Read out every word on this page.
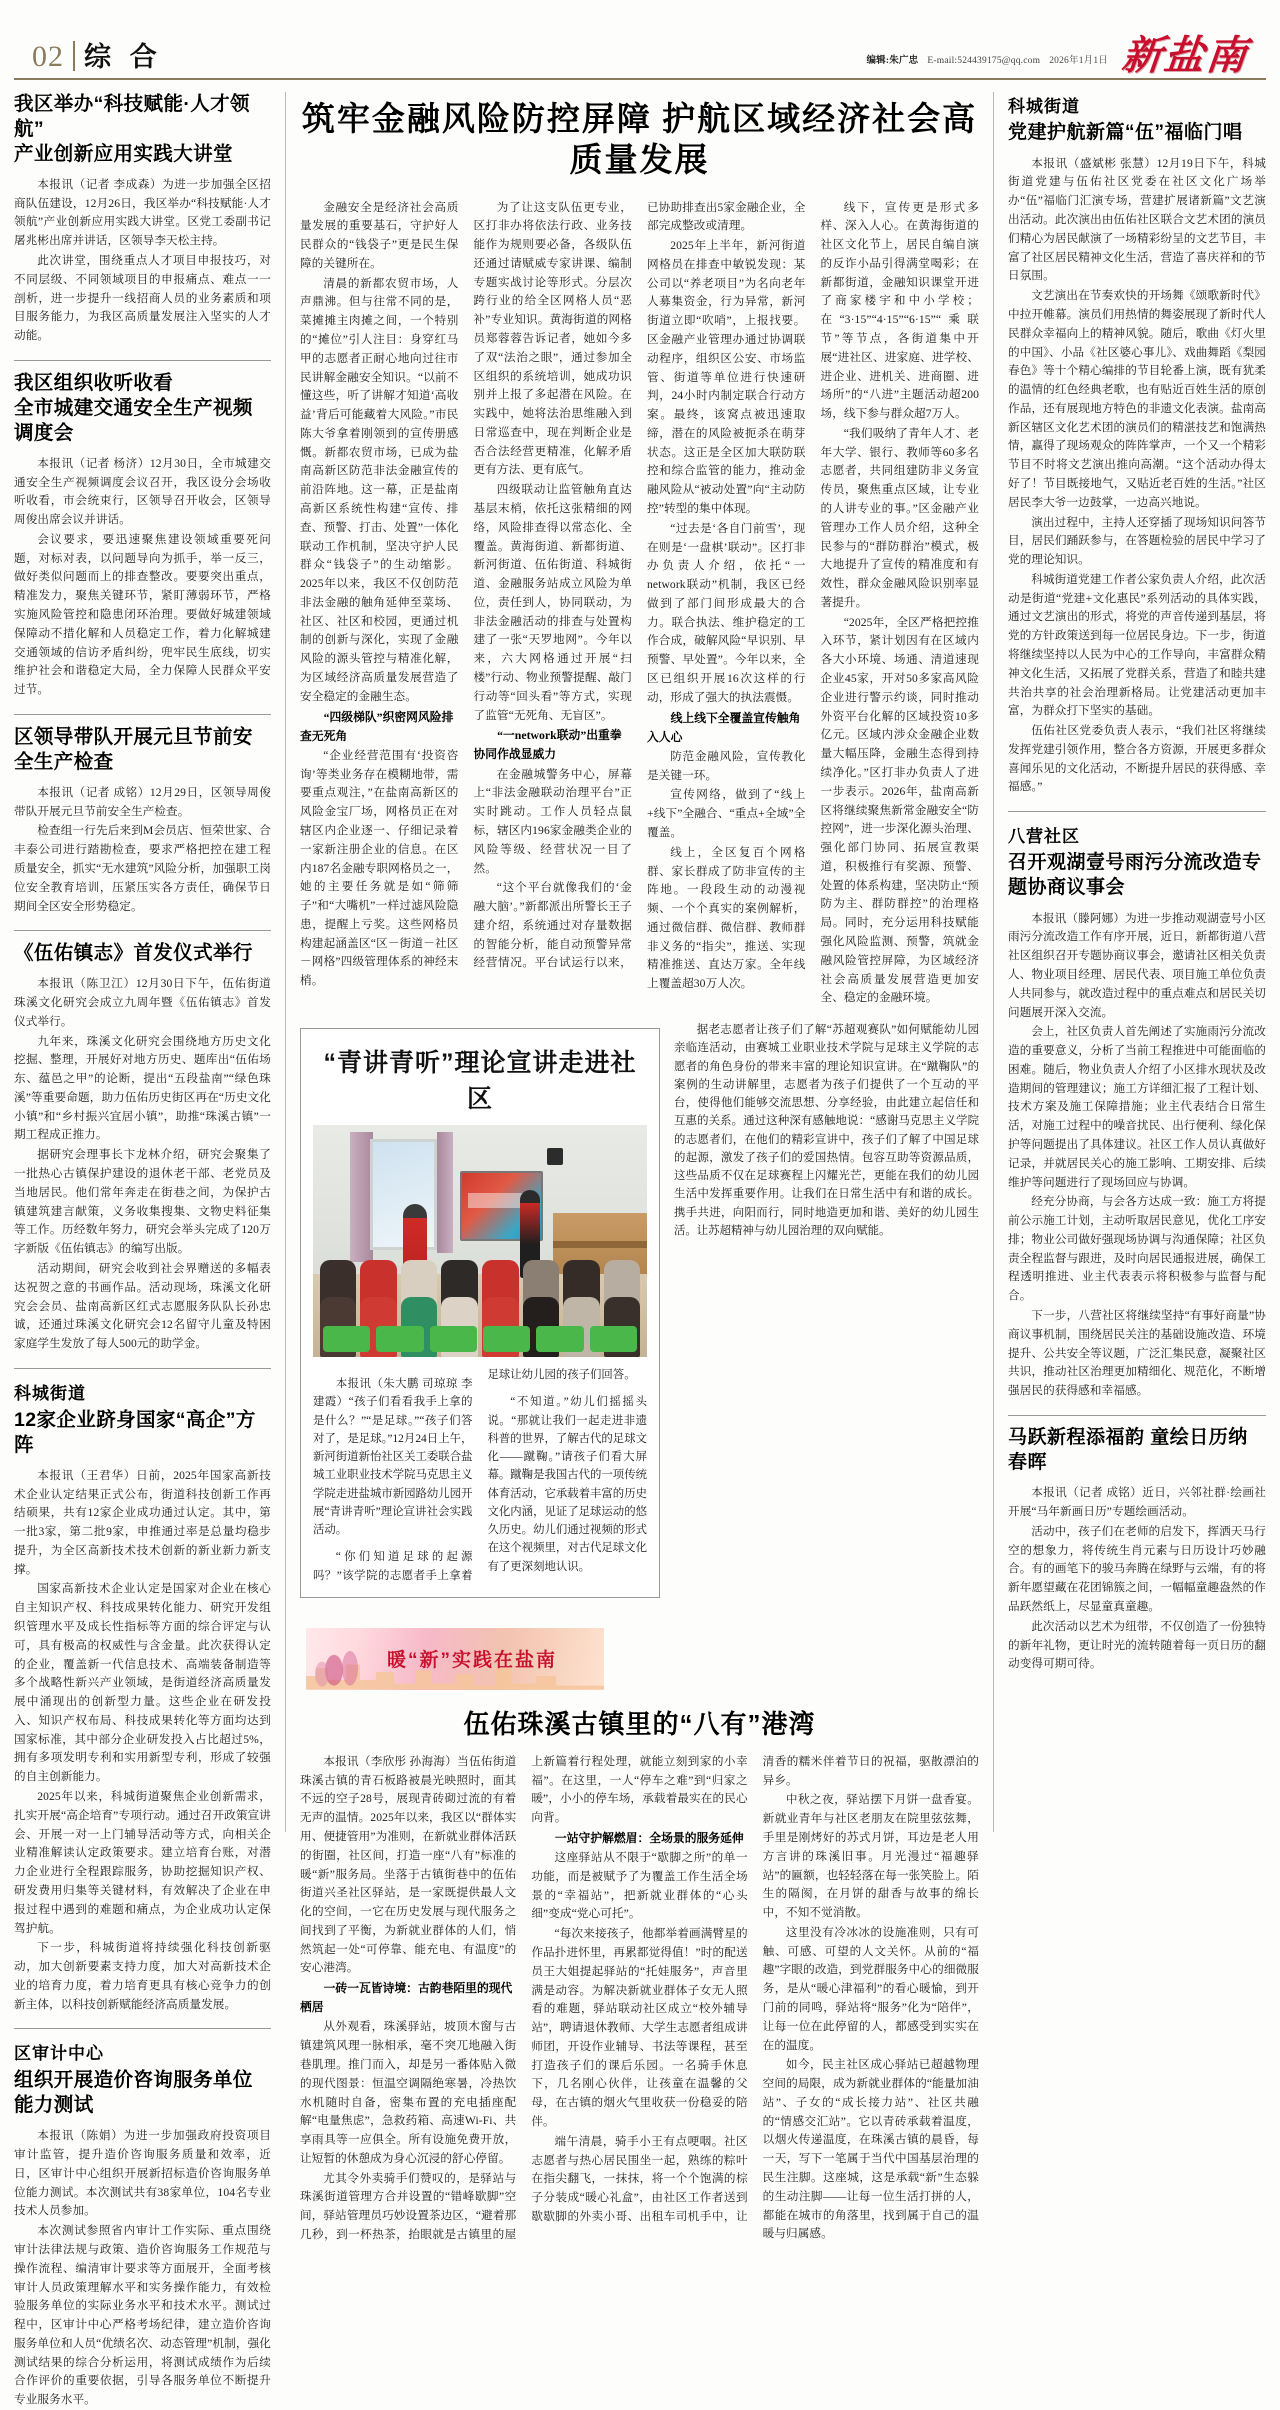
02 综 合	编辑:朱广忠 E-mail:524439175@qq.com 2026年1月1日 新盐南
我区举办“科技赋能·人才领航”
产业创新应用实践大讲堂

本报讯（记者 李成森）为进一步加强全区招商队伍建设，12月26日，我区举办“科技赋能·人才领航”产业创新应用实践大讲堂。区党工委副书记屠兆彬出席并讲话，区领导李天松主持。

此次讲堂，围绕重点人才项目申报技巧，对不同层级、不同领域项目的申报痛点、难点一一剖析，进一步提升一线招商人员的业务素质和项目服务能力，为我区高质量发展注入坚实的人才动能。

我区组织收听收看
全市城建交通安全生产视频调度会

本报讯（记者 杨济）12月30日，全市城建交通安全生产视频调度会议召开，我区设分会场收听收看，市会统束行，区领导召开收会，区领导周俊出席会议并讲话。

会议要求，要迅速聚焦建设领域重要死问题，对标对表，以问题导向为抓手，举一反三，做好类似问题而上的排查整改。要要突出重点，精准发力，聚焦关键环节，紧盯薄弱环节，严格实施风险管控和隐患闭环治理。要做好城建领域保障动不措化解和人员稳定工作，着力化解城建交通领域的信访矛盾纠纷，兜牢民生底线，切实维护社会和谐稳定大局，全力保障人民群众平安过节。

区领导带队开展元旦节前安全生产检查

本报讯（记者 成铭）12月29日，区领导周俊带队开展元旦节前安全生产检查。

检查组一行先后来到M会员店、恒荣世家、合丰泰公司进行踏勘检查，要求严格把控在建工程质量安全，抓实“无水建筑”风险分析，加强职工岗位安全教育培训，压紧压实各方责任，确保节日期间全区安全形势稳定。

《伍佑镇志》首发仪式举行

本报讯（陈卫江）12月30日下午，伍佑街道珠溪文化研究会成立九周年暨《伍佑镇志》首发仪式举行。

九年来，珠溪文化研究会围绕地方历史文化挖掘、整理，开展好对地方历史、题库出“伍佑场东、蕴邑之甲”的论断，提出“五段盐南”“绿色珠溪”等重要命题，助力伍佑历史街区再在“历史文化小镇”和“乡村振兴宜居小镇”，助推“珠溪古镇”一期工程成正推力。

据研究会理事长卞龙林介绍，研究会聚集了一批热心古镇保护建设的退休老干部、老党员及当地居民。他们常年奔走在街巷之间，为保护古镇建筑建言献策，义务收集搜集、文物史料征集等工作。历经数年努力，研究会举头完成了120万字新版《伍佑镇志》的编写出版。

活动期间，研究会收到社会界赠送的多幅表达祝贺之意的书画作品。活动现场，珠溪文化研究会会员、盐南高新区红式志愿服务队队长孙忠诚，还通过珠溪文化研究会12名留守儿童及特困家庭学生发放了每人500元的助学金。

科城街道
12家企业跻身国家“高企”方阵

本报讯（王君华）日前，2025年国家高新技术企业认定结果正式公布，街道科技创新工作再结硕果，共有12家企业成功通过认定。其中，第一批3家，第二批9家，申推通过率是总量均稳步提升，为全区高新技术技术创新的新业新力新支撑。

国家高新技术企业认定是国家对企业在核心自主知识产权、科技成果转化能力、研究开发组织管理水平及成长性指标等方面的综合评定与认可，具有极高的权威性与含金量。此次获得认定的企业，覆盖新一代信息技术、高端装备制造等多个战略性新兴产业领域，是街道经济高质量发展中涌现出的创新型力量。这些企业在研发投入、知识产权布局、科技成果转化等方面均达到国家标准，其中部分企业研发投入占比超过5%，拥有多项发明专利和实用新型专利，形成了较强的自主创新能力。

2025年以来，科城街道聚焦企业创新需求，扎实开展“高企培育”专项行动。通过召开政策宣讲会、开展一对一上门辅导活动等方式，向相关企业精准解读认定政策要求。建立培育台账，对潜力企业进行全程跟踪服务，协助挖掘知识产权、研发费用归集等关键材料，有效解决了企业在申报过程中遇到的难题和痛点，为企业成功认定保驾护航。

下一步，科城街道将持续强化科技创新驱动，加大创新要素支持力度，加大对高新技术企业的培育力度，着力培育更具有核心竞争力的创新主体，以科技创新赋能经济高质量发展。

区审计中心
组织开展造价咨询服务单位能力测试

本报讯（陈娟）为进一步加强政府投资项目审计监管，提升造价咨询服务质量和效率，近日，区审计中心组织开展新招标造价咨询服务单位能力测试。本次测试共有38家单位，104名专业技术人员参加。

本次测试参照省内审计工作实际、重点围绕审计法律法规与政策、造价咨询服务工作规范与操作流程、编清审计要求等方面展开，全面考核审计人员政策理解水平和实务操作能力，有效检验服务单位的实际业务水平和技术水平。测试过程中，区审计中心严格考场纪律，建立造价咨询服务单位和人员“优绩名次、动态管理”机制，强化测试结果的综合分析运用，将测试成绩作为后续合作评价的重要依据，引导各服务单位不断提升专业服务水平。

筑牢金融风险防控屏障 护航区域经济社会高质量发展

金融安全是经济社会高质量发展的重要基石，守护好人民群众的“钱袋子”更是民生保障的关键所在。

清晨的新都农贸市场，人声鼎沸。但与往常不同的是，菜摊摊主肉摊之间，一个特别的“摊位”引人注目：身穿红马甲的志愿者正耐心地向过往市民讲解金融安全知识。“以前不懂这些，听了讲解才知道‘高收益’背后可能藏着大风险。”市民陈大爷拿着刚领到的宣传册感慨。新都农贸市场，已成为盐南高新区防范非法金融宣传的前沿阵地。这一幕，正是盐南高新区系统性构建“宣传、排查、预警、打击、处置”一体化联动工作机制，坚决守护人民群众“钱袋子”的生动缩影。2025年以来，我区不仅创防范非法金融的触角延伸至菜场、社区、社区和校园，更通过机制的创新与深化，实现了金融风险的源头管控与精准化解，为区域经济高质量发展营造了安全稳定的金融生态。

“四级梯队”织密网风险排查无死角

“企业经营范围有‘投资咨询’等类业务存在模糊地带，需要重点观注，”在盐南高新区的风险金宝厂场，网格员正在对辖区内企业逐一、仔细记录着一家新注册企业的信息。在区内187名金融专职网格员之一，她的主要任务就是如“筛筛子”和“大嘴机”一样过滤风险隐患，提醒上亏奖。这些网格员构建起涵盖区“区－街道－社区－网格”四级管理体系的神经末梢。

为了让这支队伍更专业，区打非办将依法行政、业务技能作为规则要必备，各级队伍还通过请赋威专家讲课、编制专题实战讨论等形式。分层次跨行业的给全区网格人员“恶补”专业知识。黄海街道的网格员郑蓉蓉告诉记者，她如今多了双“法治之眼”，通过参加全区组织的系统培训，她成功识别并上报了多起潜在风险。在实践中，她将法治思维融入到日常巡查中，现在判断企业是否合法经营更精准，化解矛盾更有方法、更有底气。

四级联动让监管触角直达基层末梢，依托这张精细的网络，风险排查得以常态化、全覆盖。黄海街道、新都街道、新河街道、伍佑街道、科城街道、金融服务站成立风险为单位，责任到人，协同联动，为非法金融活动的排查与处置构建了一张“天罗地网”。今年以来，六大网格通过开展“扫楼”行动、物业预警提醒、敲门行动等“回头看”等方式，实现了监管“无死角、无盲区”。

“一network联动”出重拳协同作战显威力

在金融城警务中心，屏幕上“非法金融联动治理平台”正实时跳动。工作人员轻点鼠标，辖区内196家金融类企业的风险等级、经营状况一目了然。

“这个平台就像我们的‘金融大脑’。”新都派出所警长王子建介绍，系统通过对存量数据的智能分析，能自动预警异常经营情况。平台试运行以来，已协助排查出5家金融企业，全部完成整改或清理。

2025年上半年，新河街道网格员在排查中敏锐发现：某公司以“养老项目”为名向老年人募集资金，行为异常，新河街道立即“吹哨”，上报找要。区金融产业管理办通过协调联动程序，组织区公安、市场监管、街道等单位进行快速研判，24小时内制定联合行动方案。最终，该窝点被迅速取缔，潜在的风险被扼杀在萌芽状态。这正是全区加大联防联控和综合监管的能力，推动金融风险从“被动处置”向“主动防控”转型的集中体现。

“过去是‘各自门前雪’，现在则是‘一盘棋’联动”。区打非办负责人介绍，依托“一network联动”机制，我区已经做到了部门间形成最大的合力。联合执法、维护稳定的工作合成，破解风险“早识别、早预警、早处置”。今年以来，全区已组织开展16次这样的行动，形成了强大的执法震慑。

线上线下全覆盖宣传触角入人心

防范金融风险，宣传教化是关键一环。

宣传网络，做到了“线上+线下”全融合、“重点+全域”全覆盖。

线上，全区复百个网格群、家长群成了防非宣传的主阵地。一段段生动的动漫视频、一个个真实的案例解析，通过微信群、微信群、教师群非义务的“指尖”，推送、实现精准推送、直达万家。全年线上覆盖超30万人次。

线下，宣传更是形式多样、深入人心。在黄海街道的社区文化节上，居民自编自演的反诈小品引得满堂喝彩；在新都街道，金融知识课堂开进了商家楼宇和中小学校；在“3·15”“4·15”“6·15”“乘联节”等节点，各街道集中开展“进社区、进家庭、进学校、进企业、进机关、进商圈、进场所”的“八进”主题活动超200场，线下参与群众超7万人。

“我们吸纳了青年人才、老年大学、银行、教师等60多名志愿者，共同组建防非义务宣传员，聚焦重点区域，让专业的人讲专业的事。”区金融产业管理办工作人员介绍，这种全民参与的“群防群治”模式，极大地提升了宣传的精准度和有效性，群众金融风险识别率显著提升。

“2025年，全区严格把控推入环节，紧计划因有在区域内各大小环境、场通、清道速现企业45家，开对50多家高风险企业进行警示约谈，同时推动外资平台化解的区域投资10多亿元。区域内涉众金融企业数量大幅压降，金融生态得到持续净化。”区打非办负责人了进一步表示。2026年，盐南高新区将继续聚焦新常金融安全“防控网”，进一步深化源头治理、强化部门协同、拓展宣教渠道，积极推行有奖源、预警、处置的体系构建，坚决防止“预防为主、群防群控”的治理格局。同时，充分运用科技赋能强化风险监测、预警，筑就金融风险管控屏障，为区域经济社会高质量发展营造更加安全、稳定的金融环境。

“青讲青听”理论宣讲走进社区

本报讯（朱大鹏 司琼琼 李建霞）“孩子们看看我手上拿的是什么？”“是足球。”“孩子们答对了，是足球。”12月24日上午，新河街道新怡社区关工委联合盐城工业职业技术学院马克思主义学院走进盐城市新园路幼儿园开展“青讲青听”理论宣讲社会实践活动。

“你们知道足球的起源吗？”该学院的志愿者手上拿着足球让幼儿园的孩子们回答。

“不知道。”幼儿们摇摇头说。“那就让我们一起走进非遗科普的世界，了解古代的足球文化——蹴鞠。”请孩子们看大屏幕。蹴鞠是我国古代的一项传统体育活动，它承载着丰富的历史文化内涵，见证了足球运动的悠久历史。幼儿们通过视频的形式在这个视频里，对古代足球文化有了更深刻地认识。

据老志愿者让孩子们了解“苏超观赛队”如何赋能幼儿园亲临连活动，由赛城工业职业技术学院与足球主义学院的志愿者的角色身份的带来丰富的理论知识宣讲。在“蹴鞠队”的案例的生动讲解里，志愿者为孩子们提供了一个互动的平台，使得他们能够交流思想、分享经验，由此建立起信任和互惠的关系。通过这种深有感触地说：“感谢马克思主义学院的志愿者们，在他们的精彩宣讲中，孩子们了解了中国足球的起源，激发了孩子们的爱国热情。包容互助等资源品质，这些品质不仅在足球赛程上闪耀光芒，更能在我们的幼儿园生活中发挥重要作用。让我们在日常生活中有和谐的成长。携手共进，向阳而行，同时地造更加和谐、美好的幼儿园生活。让苏超精神与幼儿园治理的双向赋能。

暖“新”实践在盐南
伍佑珠溪古镇里的“八有”港湾

本报讯（李欣彤 孙海海）当伍佑街道珠溪古镇的青石板路被晨光映照时，面其不远的空子28号，展现青砖砌过流的有着无声的温情。2025年以来，我区以“群体实用、便捷管用”为准则，在新就业群体活跃的街圈，社区间，打造一座“八有”标准的暖“新”服务局。坐落于古镇街巷中的伍佑街道兴圣社区驿站，是一家既提供最人文化的空间，一它在历史发展与现代服务之间找到了平衡，为新就业群体的人们，悄然筑起一处“可停靠、能充电、有温度”的安心港湾。

一砖一瓦皆诗境：古韵巷陌里的现代栖居

从外观看，珠溪驿站，坡顶木窗与古镇建筑风理一脉相承，毫不突兀地融入街巷肌理。推门而入，却是另一番体贴入微的现代图景：恒温空调隔绝寒暑，冷热饮水机随时自备，密集布置的充电插座配解“电量焦虑”，急救药箱、高速Wi-Fi、共享雨具等一应俱全。所有设施免费开放，让短暂的休憩成为身心沉浸的舒心停留。

尤其令外卖骑手们赞叹的，是驿站与珠溪街道管理方合并设置的“错峰歇脚”空间，驿站管理员巧妙设置茶边区，“避着那几秒，到一杯热茶，抬眼就是古镇里的屋上新篇着行程处理，就能立刻到家的小幸福”。在这里，一人“停车之难”到“归家之暖”，小小的停车场，承载着最实在的民心向背。

一站守护解燃眉：全场景的服务延伸

这座驿站从不限于“歇脚之所”的单一功能，而是被赋予了为覆盖工作生活全场景的“幸福站”，把新就业群体的“心头细”变成“党心可托”。

“每次来接孩子，他都举着画满臂星的作品扑进怀里，再累都觉得值！”时的配送员王大姐提起驿站的“托娃服务”，声音里满是动容。为解决新就业群体子女无人照看的难题，驿站联动社区成立“校外辅导站”，聘请退休教师、大学生志愿者组成讲师团，开设作业辅导、书法等课程，甚至打造孩子们的课后乐园。一名骑手休息下，几名刚心伙伴，让孩童在温馨的父母，在古镇的烟火气里收获一份稳妥的陪伴。

端午清晨，骑手小王有点哽咽。社区志愿者与热心居民围坐一起，熟练的粽叶在指尖翻飞，一抹抹，将一个个饱满的棕子分装成“暖心礼盒”，由社区工作者送到歇歇脚的外卖小哥、出租车司机手中，让清香的糯米伴着节日的祝福，驱散漂泊的异乡。

中秋之夜，驿站摆下月饼一盘香宴。新就业青年与社区老朋友在院里弦弦舞，手里是刚烤好的苏式月饼，耳边是老人用方言讲的珠溪旧事。月光漫过“福趣驿站”的匾额，也轻轻落在每一张笑脸上。陌生的隔阂，在月饼的甜香与故事的绵长中，不知不觉消散。

这里没有冷冰冰的设施准则，只有可触、可感、可望的人文关怀。从前的“福趣”字眼的改造，到党群服务中心的细微服务，是从“暖心津福利”的看心暖愉，到开门前的同鸣，驿站将“服务”化为“陪伴”，让每一位在此停留的人，都感受到实实在在的温度。

如今，民主社区成心驿站已超越物理空间的局限，成为新就业群体的“能量加油站”、子女的“成长接力站”、社区共融的“情感交汇站”。它以青砖承载着温度，以烟火传递温度，在珠溪古镇的晨昏，每一天，写下一笔属于当代中国基层治理的民生注脚。这座城，这是承载“新”生态躲的生动注脚——让每一位生活打拼的人，都能在城市的角落里，找到属于自己的温暖与归属感。

科城街道
党建护航新篇“伍”福临门唱

本报讯（盛斌彬 张慧）12月19日下午，科城街道党建与伍佑社区党委在社区文化广场举办“伍”福临门汇演专场，营建扩展诸新篇”文艺演出活动。此次演出由伍佑社区联合文艺术团的演员们精心为居民献演了一场精彩纷呈的文艺节目，丰富了社区居民精神文化生活，营造了喜庆祥和的节日氛围。

文艺演出在节奏欢快的开场舞《颂歌新时代》中拉开帷幕。演员们用热情的舞姿展现了新时代人民群众幸福向上的精神风貌。随后，歌曲《灯火里的中国》、小品《社区婆心事儿》、戏曲舞蹈《梨园春色》等十个精心编排的节目轮番上演，既有犹柔的温情的红色经典老歌，也有贴近百姓生活的原创作品，还有展现地方特色的非遗文化表演。盐南高新区辖区文化艺术团的演员们的精湛技艺和饱满热情，赢得了现场观众的阵阵掌声，一个又一个精彩节目不时将文艺演出推向高潮。“这个活动办得太好了！节目既接地气，又贴近老百姓的生活。”社区居民李大爷一边鼓掌，一边高兴地说。

演出过程中，主持人还穿插了现场知识问答节目，居民们踊跃参与，在答题检验的居民中学习了党的理论知识。

科城街道党建工作者公家负责人介绍，此次活动是街道“党建+文化惠民”系列活动的具体实践，通过文艺演出的形式，将党的声音传递到基层，将党的方针政策送到每一位居民身边。下一步，街道将继续坚持以人民为中心的工作导向，丰富群众精神文化生活，又拓展了党群关系，营造了和睦共建共治共享的社会治理新格局。让党建活动更加丰富，为群众打下坚实的基础。

伍佑社区党委负责人表示，“我们社区将继续发挥党建引领作用，整合各方资源，开展更多群众喜闻乐见的文化活动，不断提升居民的获得感、幸福感。”

八营社区
召开观湖壹号雨污分流改造专题协商议事会

本报讯（滕阿娜）为进一步推动观湖壹号小区雨污分流改造工作有序开展，近日，新都街道八营社区组织召开专题协商议事会，邀请社区相关负责人、物业项目经理、居民代表、项目施工单位负责人共同参与，就改造过程中的重点难点和居民关切问题展开深入交流。

会上，社区负责人首先阐述了实施雨污分流改造的重要意义，分析了当前工程推进中可能面临的困难。随后，物业负责人介绍了小区排水现状及改造期间的管理建议；施工方详细汇报了工程计划、技术方案及施工保障措施；业主代表结合日常生活，对施工过程中的噪音扰民、出行便利、绿化保护等问题提出了具体建议。社区工作人员认真做好记录，并就居民关心的施工影响、工期安排、后续维护等问题进行了现场回应与协调。

经充分协商，与会各方达成一致：施工方将提前公示施工计划，主动听取居民意见，优化工序安排；物业公司做好强现场协调与沟通保障；社区负责全程监督与跟进，及时向居民通报进展，确保工程透明推进、业主代表表示将积极参与监督与配合。

下一步，八营社区将继续坚持“有事好商量”协商议事机制，围绕居民关注的基础设施改造、环境提升、公共安全等议题，广泛汇集民意，凝聚社区共识，推动社区治理更加精细化、规范化，不断增强居民的获得感和幸福感。

马跃新程添福韵 童绘日历纳春晖

本报讯（记者 成铭）近日，兴邻社群·绘画社开展“马年新画日历”专题绘画活动。

活动中，孩子们在老师的启发下，挥洒天马行空的想象力，将传统生肖元素与日历设计巧妙融合。有的画笔下的骏马奔腾在绿野与云端，有的将新年愿望藏在花团锦簇之间，一幅幅童趣盎然的作品跃然纸上，尽显童真童趣。

此次活动以艺术为纽带，不仅创造了一份独特的新年礼物，更让时光的流转随着每一页日历的翻动变得可期可待。
